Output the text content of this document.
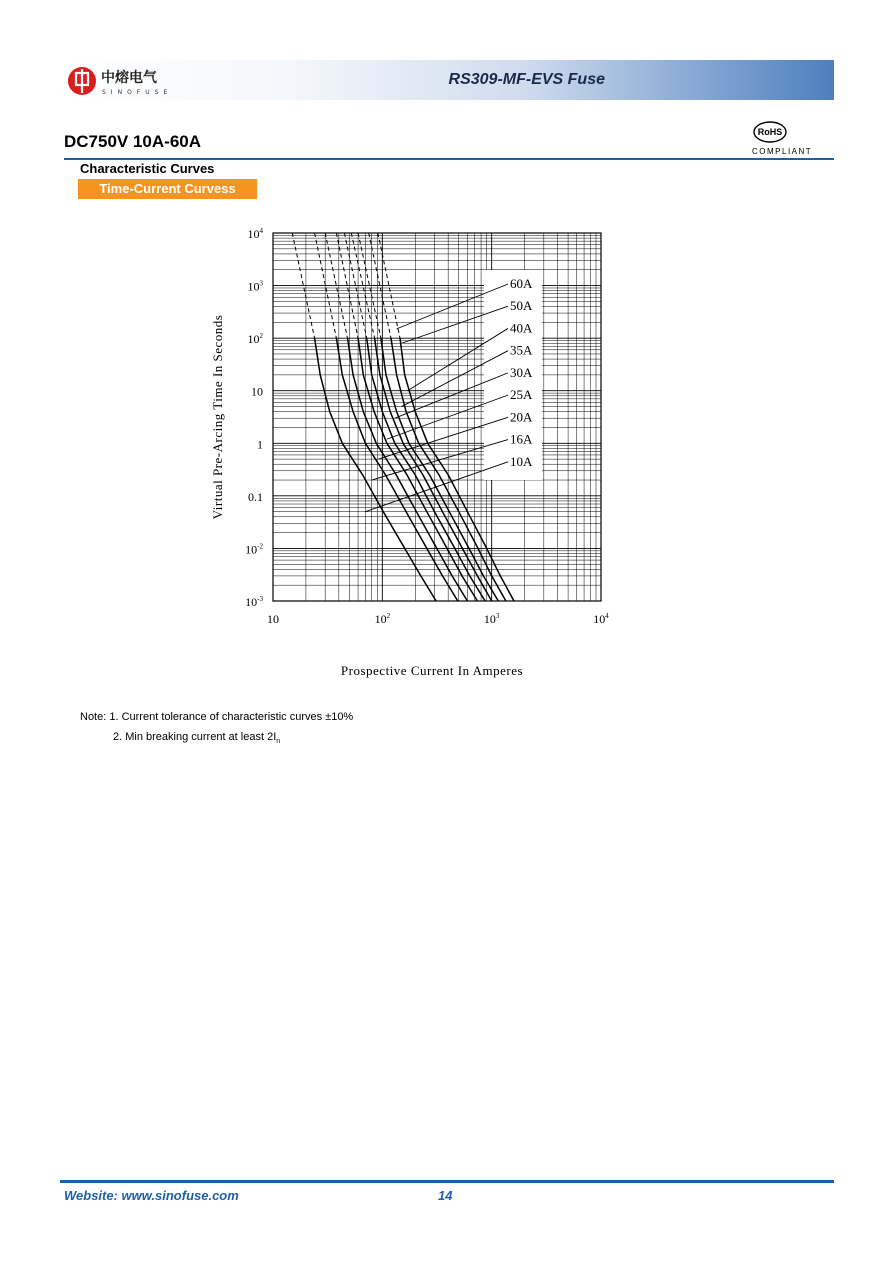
中熔电气
SINOFUSE
RS309-MF-EVS Fuse
RoHS
COMPLIANT
DC750V 10A-60A
Characteristic Curves
Time-Current Curvess
10	$10^2$	$10^3$	$10^4$
$10^4$
$10^3$
$10^2$
10
1
0.1
$10^{-2}$
$10^{-3}$
Prospective Current In Amperes
Virtual Pre-Arcing Time In Seconds
60A
50A
40A
35A
30A
25A
20A
16A
10A
Note: 1. Current tolerance of characteristic curves ±10%
2. Min breaking current at least $2I_n$
Website: www.sinofuse.com	14
